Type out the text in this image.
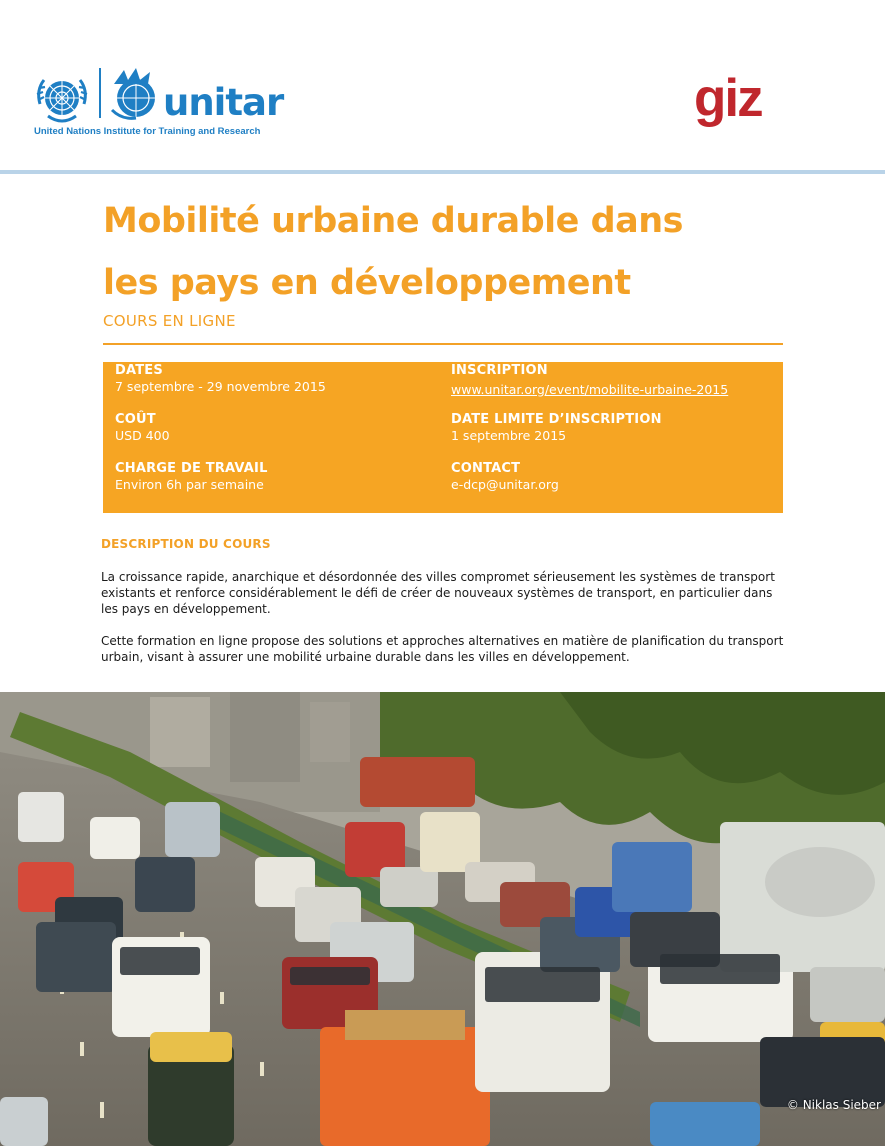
unitar
United Nations Institute for Training and Research
giz
Mobilité urbaine durable dans
les pays en développement

COURS EN LIGNE

DATES
7 septembre - 29 novembre 2015
COÛT
USD 400
CHARGE DE TRAVAIL
Environ 6h par semaine
INSCRIPTION
www.unitar.org/event/mobilite-urbaine-2015
DATE LIMITE D’INSCRIPTION
1 septembre 2015
CONTACT
e-dcp@unitar.org
DESCRIPTION DU COURS

La croissance rapide, anarchique et désordonnée des villes compromet sérieusement les systèmes de transport existants et renforce considérablement le défi de créer de nouveaux systèmes de transport, en particulier dans les pays en développement.

Cette formation en ligne propose des solutions et approches alternatives en matière de planification du transport urbain, visant à assurer une mobilité urbaine durable dans les villes en développement.

© Niklas Sieber
